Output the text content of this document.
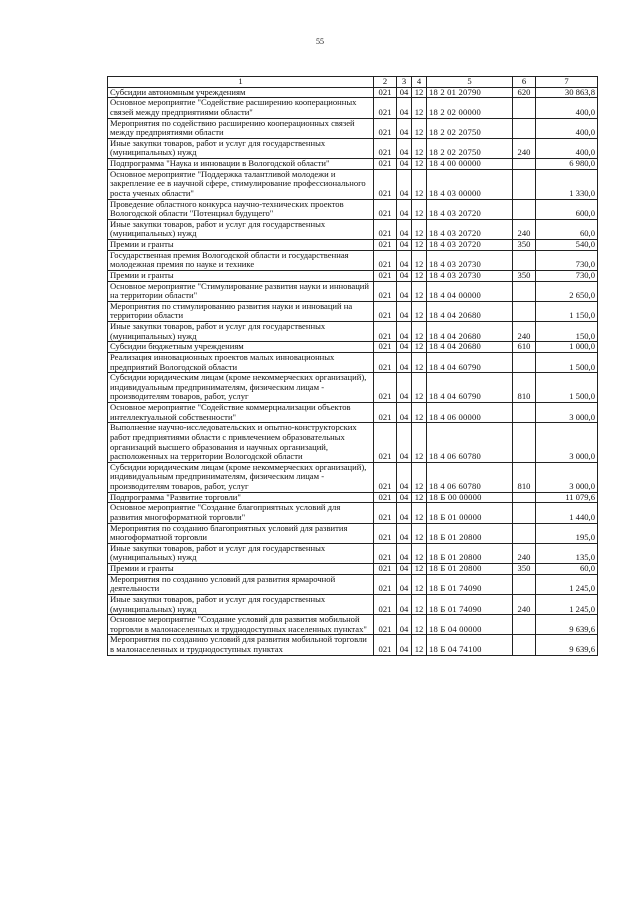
55
1	2	3	4	5	6	7
Субсидии автономным учреждениям	021	04	12	18 2 01 20790	620	30 863,8
Основное мероприятие "Содействие расширению кооперационных связей между предприятиями области"	021	04	12	18 2 02 00000		400,0
Мероприятия по содействию расширению кооперационных связей между предприятиями области	021	04	12	18 2 02 20750		400,0
Иные закупки товаров, работ и услуг для государственных (муниципальных) нужд	021	04	12	18 2 02 20750	240	400,0
Подпрограмма "Наука и инновации в Вологодской области"	021	04	12	18 4 00 00000		6 980,0
Основное мероприятие "Поддержка талантливой молодежи и закрепление ее в научной сфере, стимулирование профессионального роста ученых области"	021	04	12	18 4 03 00000		1 330,0
Проведение областного конкурса научно-технических проектов Вологодской области "Потенциал будущего"	021	04	12	18 4 03 20720		600,0
Иные закупки товаров, работ и услуг для государственных (муниципальных) нужд	021	04	12	18 4 03 20720	240	60,0
Премии и гранты	021	04	12	18 4 03 20720	350	540,0
Государственная премия Вологодской области и государственная молодежная премия по науке и технике	021	04	12	18 4 03 20730		730,0
Премии и гранты	021	04	12	18 4 03 20730	350	730,0
Основное мероприятие "Стимулирование развития науки и инноваций на территории области"	021	04	12	18 4 04 00000		2 650,0
Мероприятия по стимулированию развития науки и инноваций на территории области	021	04	12	18 4 04 20680		1 150,0
Иные закупки товаров, работ и услуг для государственных (муниципальных) нужд	021	04	12	18 4 04 20680	240	150,0
Субсидии бюджетным учреждениям	021	04	12	18 4 04 20680	610	1 000,0
Реализация инновационных проектов малых инновационных предприятий Вологодской области	021	04	12	18 4 04 60790		1 500,0
Субсидии юридическим лицам (кроме некоммерческих организаций), индивидуальным предпринимателям, физическим лицам - производителям товаров, работ, услуг	021	04	12	18 4 04 60790	810	1 500,0
Основное мероприятие "Содействие коммерциализации объектов интеллектуальной собственности"	021	04	12	18 4 06 00000		3 000,0
Выполнение научно-исследовательских и опытно-конструкторских работ предприятиями области с привлечением образовательных организаций высшего образования и научных организаций, расположенных на территории Вологодской области	021	04	12	18 4 06 60780		3 000,0
Субсидии юридическим лицам (кроме некоммерческих организаций), индивидуальным предпринимателям, физическим лицам - производителям товаров, работ, услуг	021	04	12	18 4 06 60780	810	3 000,0
Подпрограмма "Развитие торговли"	021	04	12	18 Б 00 00000		11 079,6
Основное мероприятие "Создание благоприятных условий для развития многоформатной торговли"	021	04	12	18 Б 01 00000		1 440,0
Мероприятия по созданию благоприятных условий для развития многоформатной торговли	021	04	12	18 Б 01 20800		195,0
Иные закупки товаров, работ и услуг для государственных (муниципальных) нужд	021	04	12	18 Б 01 20800	240	135,0
Премии и гранты	021	04	12	18 Б 01 20800	350	60,0
Мероприятия по созданию условий для развития ярмарочной деятельности	021	04	12	18 Б 01 74090		1 245,0
Иные закупки товаров, работ и услуг для государственных (муниципальных) нужд	021	04	12	18 Б 01 74090	240	1 245,0
Основное мероприятие "Создание условий для развития мобильной торговли в малонаселенных и труднодоступных населенных пунктах"	021	04	12	18 Б 04 00000		9 639,6
Мероприятия по созданию условий для развития мобильной торговли в малонаселенных и труднодоступных пунктах	021	04	12	18 Б 04 74100		9 639,6
